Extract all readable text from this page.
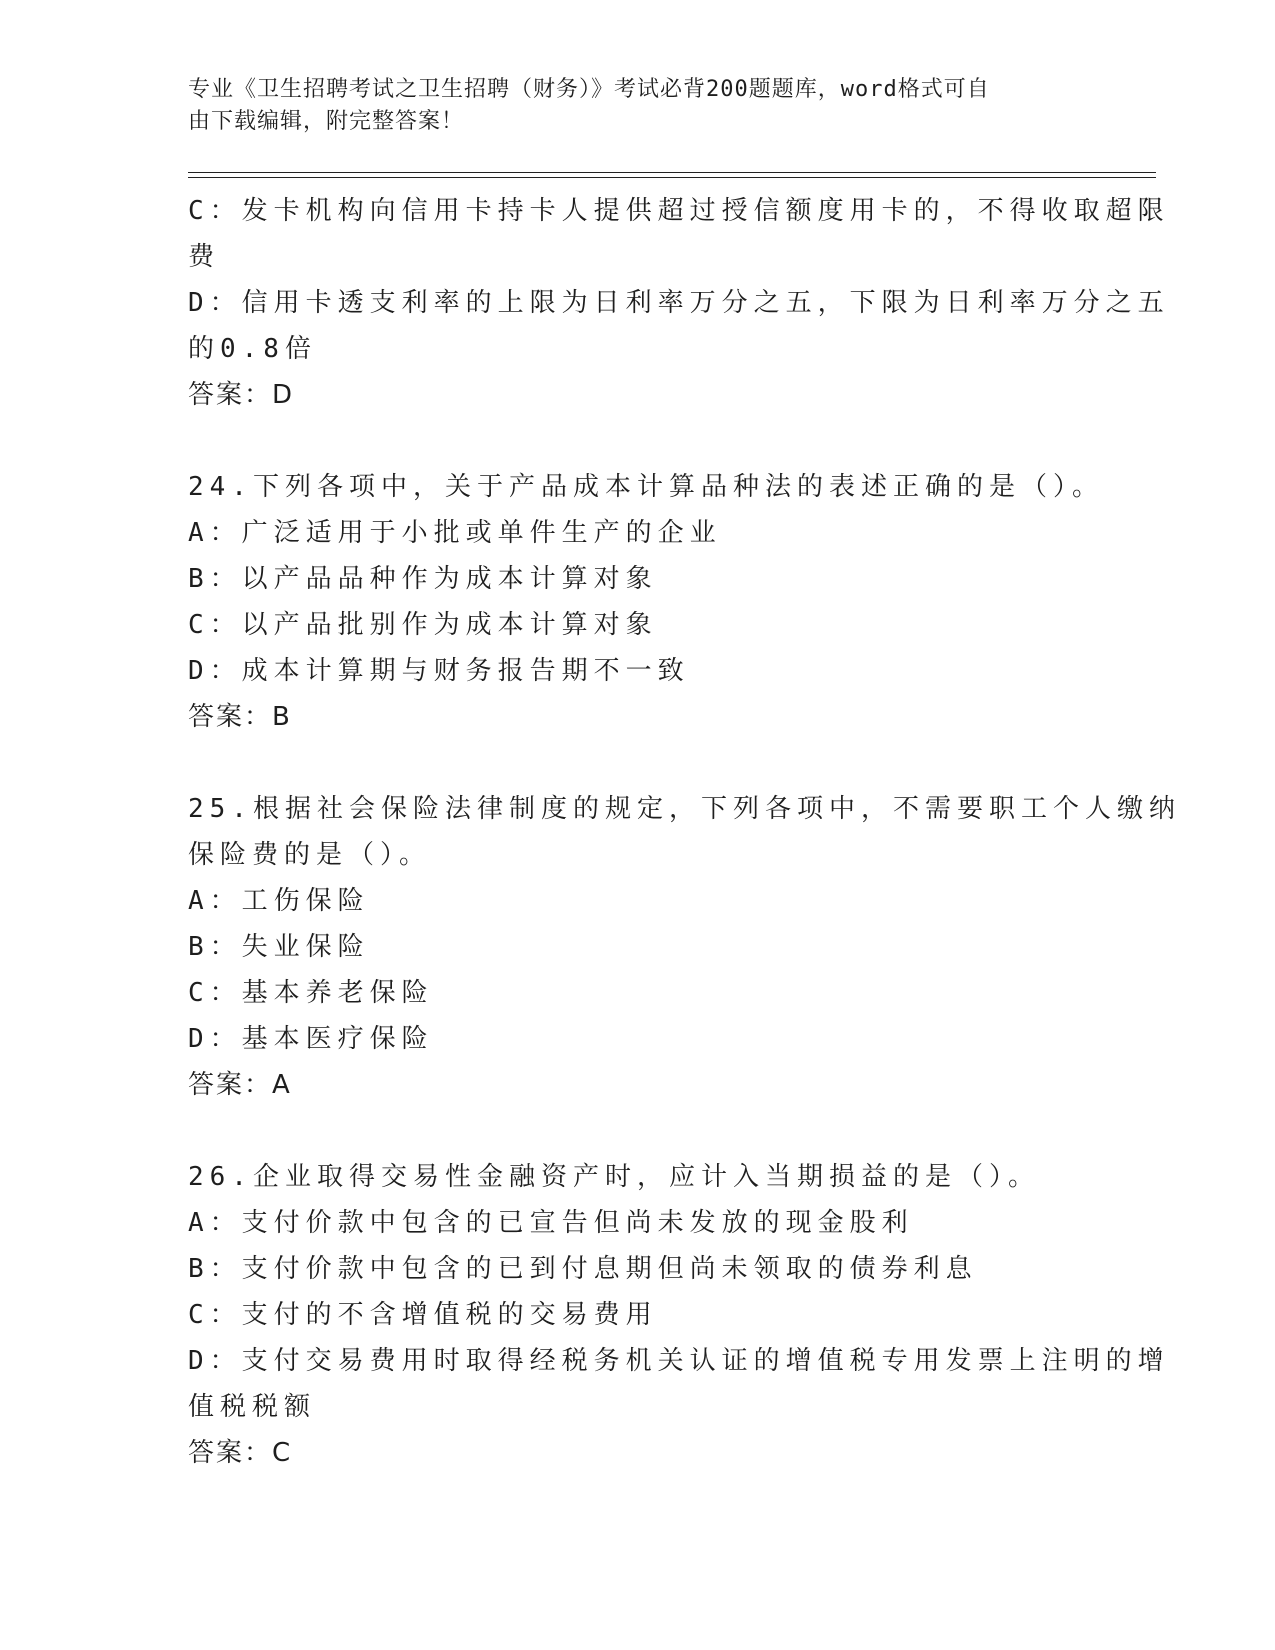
专业《卫生招聘考试之卫生招聘（财务）》考试必背200题题库，word格式可自
由下载编辑，附完整答案！
C：发卡机构向信用卡持卡人提供超过授信额度用卡的，不得收取超限
费
D：信用卡透支利率的上限为日利率万分之五，下限为日利率万分之五
的0.8倍
答案：D
24.下列各项中，关于产品成本计算品种法的表述正确的是（）。
A：广泛适用于小批或单件生产的企业
B：以产品品种作为成本计算对象
C：以产品批别作为成本计算对象
D：成本计算期与财务报告期不一致
答案：B
25.根据社会保险法律制度的规定，下列各项中，不需要职工个人缴纳
保险费的是（）。
A：工伤保险
B：失业保险
C：基本养老保险
D：基本医疗保险
答案：A
26.企业取得交易性金融资产时，应计入当期损益的是（）。
A：支付价款中包含的已宣告但尚未发放的现金股利
B：支付价款中包含的已到付息期但尚未领取的债券利息
C：支付的不含增值税的交易费用
D：支付交易费用时取得经税务机关认证的增值税专用发票上注明的增
值税税额
答案：C
